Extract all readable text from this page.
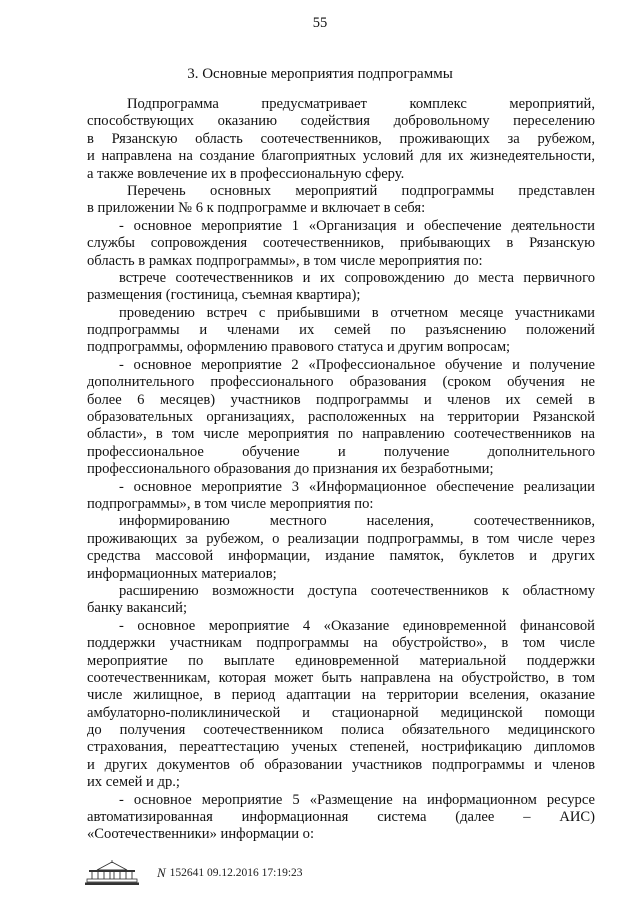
55
3. Основные мероприятия подпрограммы
Подпрограмма предусматривает комплекс мероприятий,
способствующих оказанию содействия добровольному переселению
в Рязанскую область соотечественников, проживающих за рубежом,
и направлена на создание благоприятных условий для их жизнедеятельности,
а также вовлечение их в профессиональную сферу.
Перечень основных мероприятий подпрограммы представлен
в приложении № 6 к подпрограмме и включает в себя:
- основное мероприятие 1 «Организация и обеспечение деятельности
службы сопровождения соотечественников, прибывающих в Рязанскую
область в рамках подпрограммы», в том числе мероприятия по:
встрече соотечественников и их сопровождению до места первичного
размещения (гостиница, съемная квартира);
проведению встреч с прибывшими в отчетном месяце участниками
подпрограммы и членами их семей по разъяснению положений
подпрограммы, оформлению правового статуса и другим вопросам;
- основное мероприятие 2 «Профессиональное обучение и получение
дополнительного профессионального образования (сроком обучения не
более 6 месяцев) участников подпрограммы и членов их семей в
образовательных организациях, расположенных на территории Рязанской
области», в том числе мероприятия по направлению соотечественников на
профессиональное обучение и получение дополнительного
профессионального образования до признания их безработными;
- основное мероприятие 3 «Информационное обеспечение реализации
подпрограммы», в том числе мероприятия по:
информированию местного населения, соотечественников,
проживающих за рубежом, о реализации подпрограммы, в том числе через
средства массовой информации, издание памяток, буклетов и других
информационных материалов;
расширению возможности доступа соотечественников к областному
банку вакансий;
- основное мероприятие 4 «Оказание единовременной финансовой
поддержки участникам подпрограммы на обустройство», в том числе
мероприятие по выплате единовременной материальной поддержки
соотечественникам, которая может быть направлена на обустройство, в том
числе жилищное, в период адаптации на территории вселения, оказание
амбулаторно-поликлинической и стационарной медицинской помощи
до получения соотечественником полиса обязательного медицинского
страхования, переаттестацию ученых степеней, нострификацию дипломов
и других документов об образовании участников подпрограммы и членов
их семей и др.;
- основное мероприятие 5 «Размещение на информационном ресурсе
автоматизированная информационная система (далее – АИС)
«Соотечественники» информации о:
N 152641 09.12.2016 17:19:23
